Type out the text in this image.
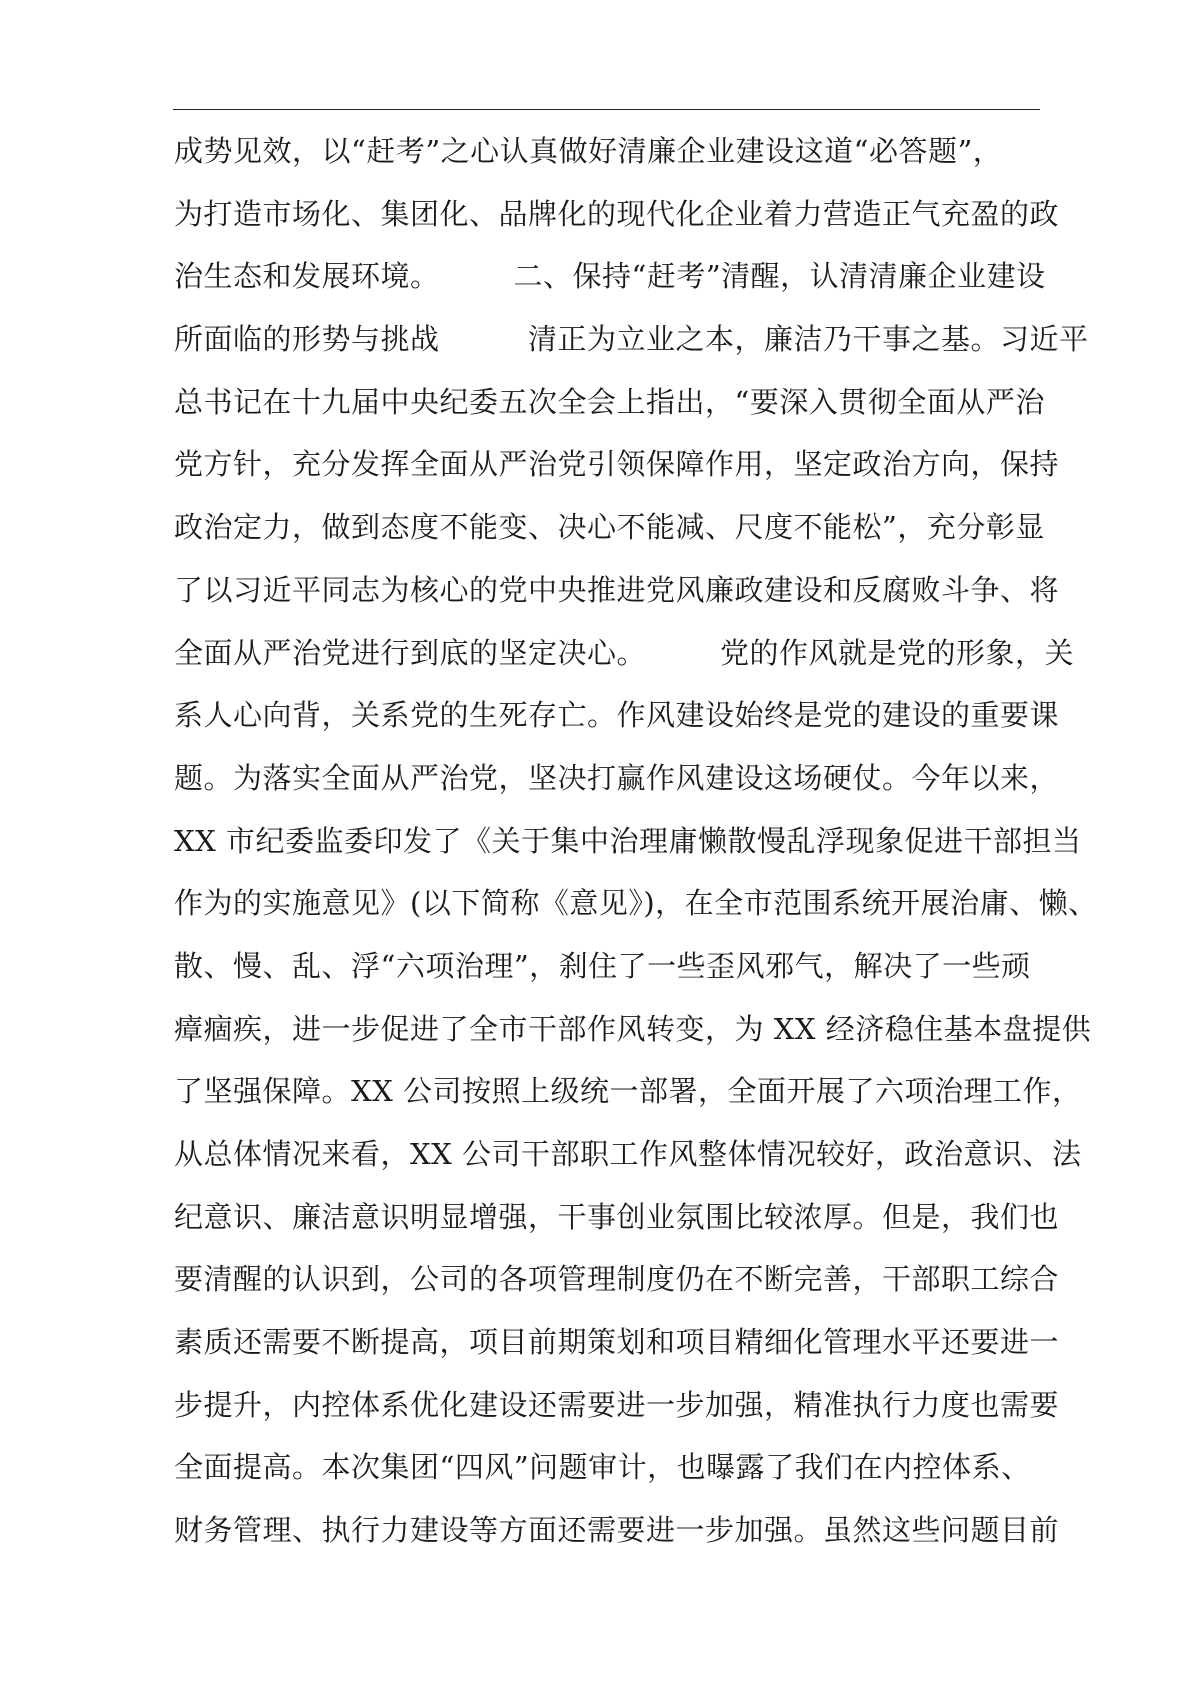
成势见效，以“赶考”之心认真做好清廉企业建设这道“必答题”，
为打造市场化、集团化、品牌化的现代化企业着力营造正气充盈的政
治生态和发展环境。　　　二、保持“赶考”清醒，认清清廉企业建设
所面临的形势与挑战　　　清正为立业之本，廉洁乃干事之基。习近平
总书记在十九届中央纪委五次全会上指出，“要深入贯彻全面从严治
党方针，充分发挥全面从严治党引领保障作用，坚定政治方向，保持
政治定力，做到态度不能变、决心不能减、尺度不能松”，充分彰显
了以习近平同志为核心的党中央推进党风廉政建设和反腐败斗争、将
全面从严治党进行到底的坚定决心。　　　党的作风就是党的形象，关
系人心向背，关系党的生死存亡。作风建设始终是党的建设的重要课
题。为落实全面从严治党，坚决打赢作风建设这场硬仗。今年以来，
XX 市纪委监委印发了《关于集中治理庸懒散慢乱浮现象促进干部担当
作为的实施意见》(以下简称《意见》)，在全市范围系统开展治庸、懒、
散、慢、乱、浮“六项治理”，刹住了一些歪风邪气，解决了一些顽
瘴痼疾，进一步促进了全市干部作风转变，为 XX 经济稳住基本盘提供
了坚强保障。XX 公司按照上级统一部署，全面开展了六项治理工作，
从总体情况来看，XX 公司干部职工作风整体情况较好，政治意识、法
纪意识、廉洁意识明显增强，干事创业氛围比较浓厚。但是，我们也
要清醒的认识到，公司的各项管理制度仍在不断完善，干部职工综合
素质还需要不断提高，项目前期策划和项目精细化管理水平还要进一
步提升，内控体系优化建设还需要进一步加强，精准执行力度也需要
全面提高。本次集团“四风”问题审计，也曝露了我们在内控体系、
财务管理、执行力建设等方面还需要进一步加强。虽然这些问题目前
